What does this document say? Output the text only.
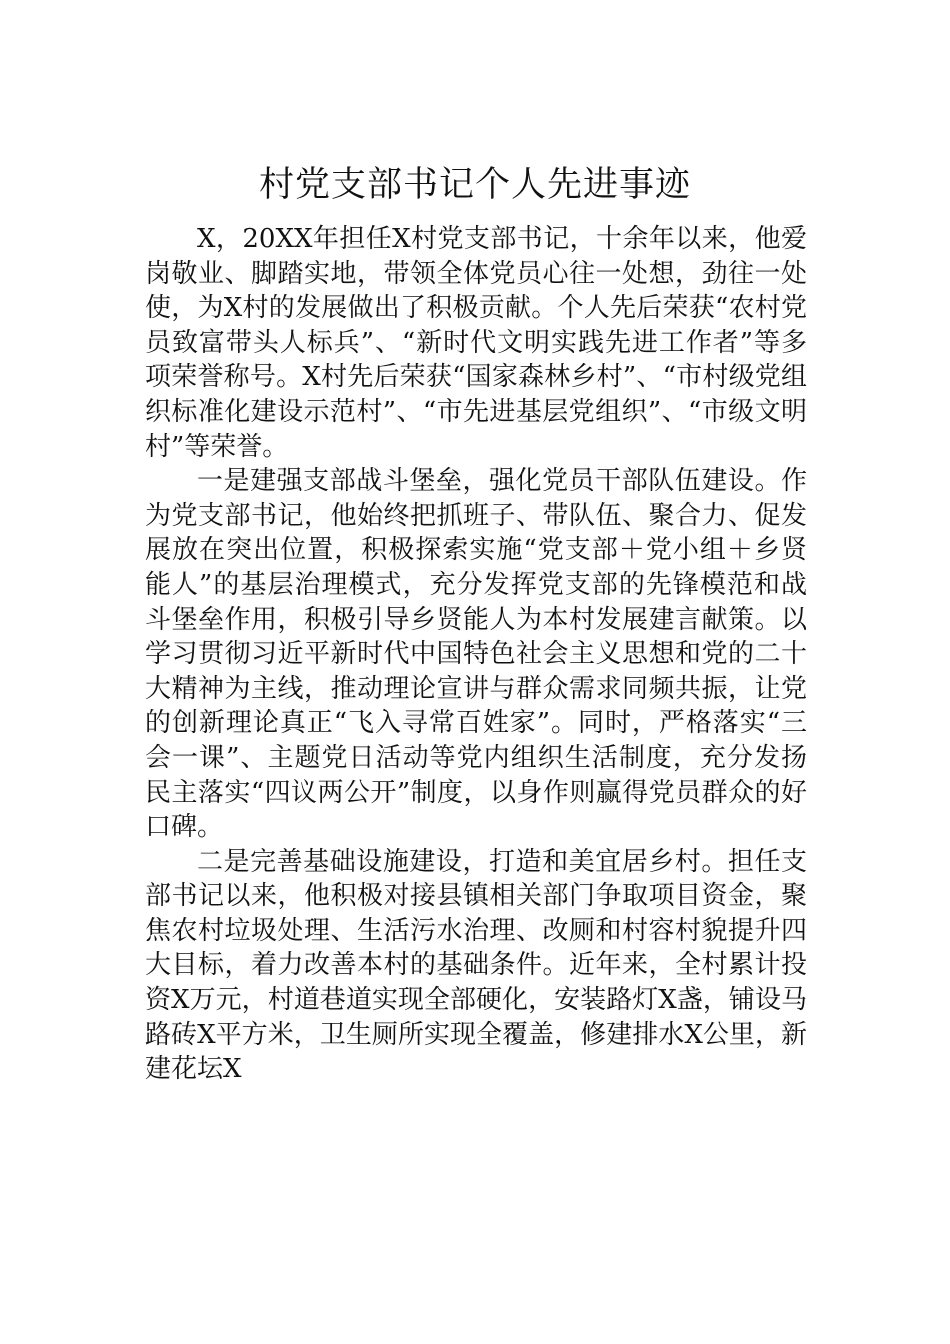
村党支部书记个人先进事迹

X，20XX年担任X村党支部书记，十余年以来，他爱岗敬业、脚踏实地，带领全体党员心往一处想，劲往一处使，为X村的发展做出了积极贡献。个人先后荣获“农村党员致富带头人标兵”、“新时代文明实践先进工作者”等多项荣誉称号。X村先后荣获“国家森林乡村”、“市村级党组织标准化建设示范村”、“市先进基层党组织”、“市级文明村”等荣誉。

一是建强支部战斗堡垒，强化党员干部队伍建设。作为党支部书记，他始终把抓班子、带队伍、聚合力、促发展放在突出位置，积极探索实施“党支部＋党小组＋乡贤能人”的基层治理模式，充分发挥党支部的先锋模范和战斗堡垒作用，积极引导乡贤能人为本村发展建言献策。以学习贯彻习近平新时代中国特色社会主义思想和党的二十大精神为主线，推动理论宣讲与群众需求同频共振，让党的创新理论真正“飞入寻常百姓家”。同时，严格落实“三会一课”、主题党日活动等党内组织生活制度，充分发扬民主落实“四议两公开”制度，以身作则赢得党员群众的好口碑。

二是完善基础设施建设，打造和美宜居乡村。担任支部书记以来，他积极对接县镇相关部门争取项目资金，聚焦农村垃圾处理、生活污水治理、改厕和村容村貌提升四大目标，着力改善本村的基础条件。近年来，全村累计投资X万元，村道巷道实现全部硬化，安装路灯X盏，铺设马路砖X平方米，卫生厕所实现全覆盖，修建排水X公里，新建花坛X
